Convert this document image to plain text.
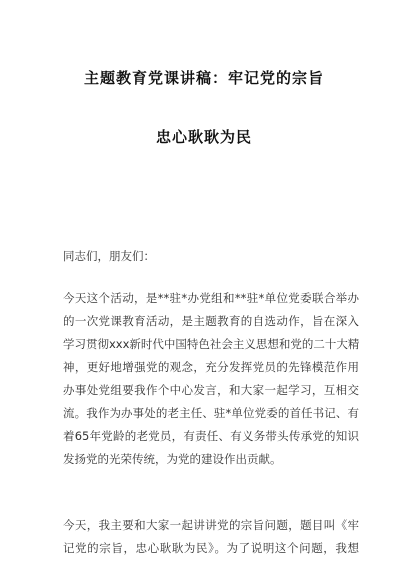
主题教育党课讲稿：牢记党的宗旨
忠心耿耿为民
同志们，朋友们：
今天这个活动，是**驻*办党组和**驻*单位党委联合举办
的一次党课教育活动，是主题教育的自选动作，旨在深入
学习贯彻xxx新时代中国特色社会主义思想和党的二十大精
神，更好地增强党的观念，充分发挥党员的先锋模范作用
办事处党组要我作个中心发言，和大家一起学习，互相交
流。我作为办事处的老主任、驻*单位党委的首任书记、有
着65年党龄的老党员，有责任、有义务带头传承党的知识
发扬党的光荣传统，为党的建设作出贡献。
今天，我主要和大家一起讲讲党的宗旨问题，题目叫《牢
记党的宗旨，忠心耿耿为民》。为了说明这个问题，我想
